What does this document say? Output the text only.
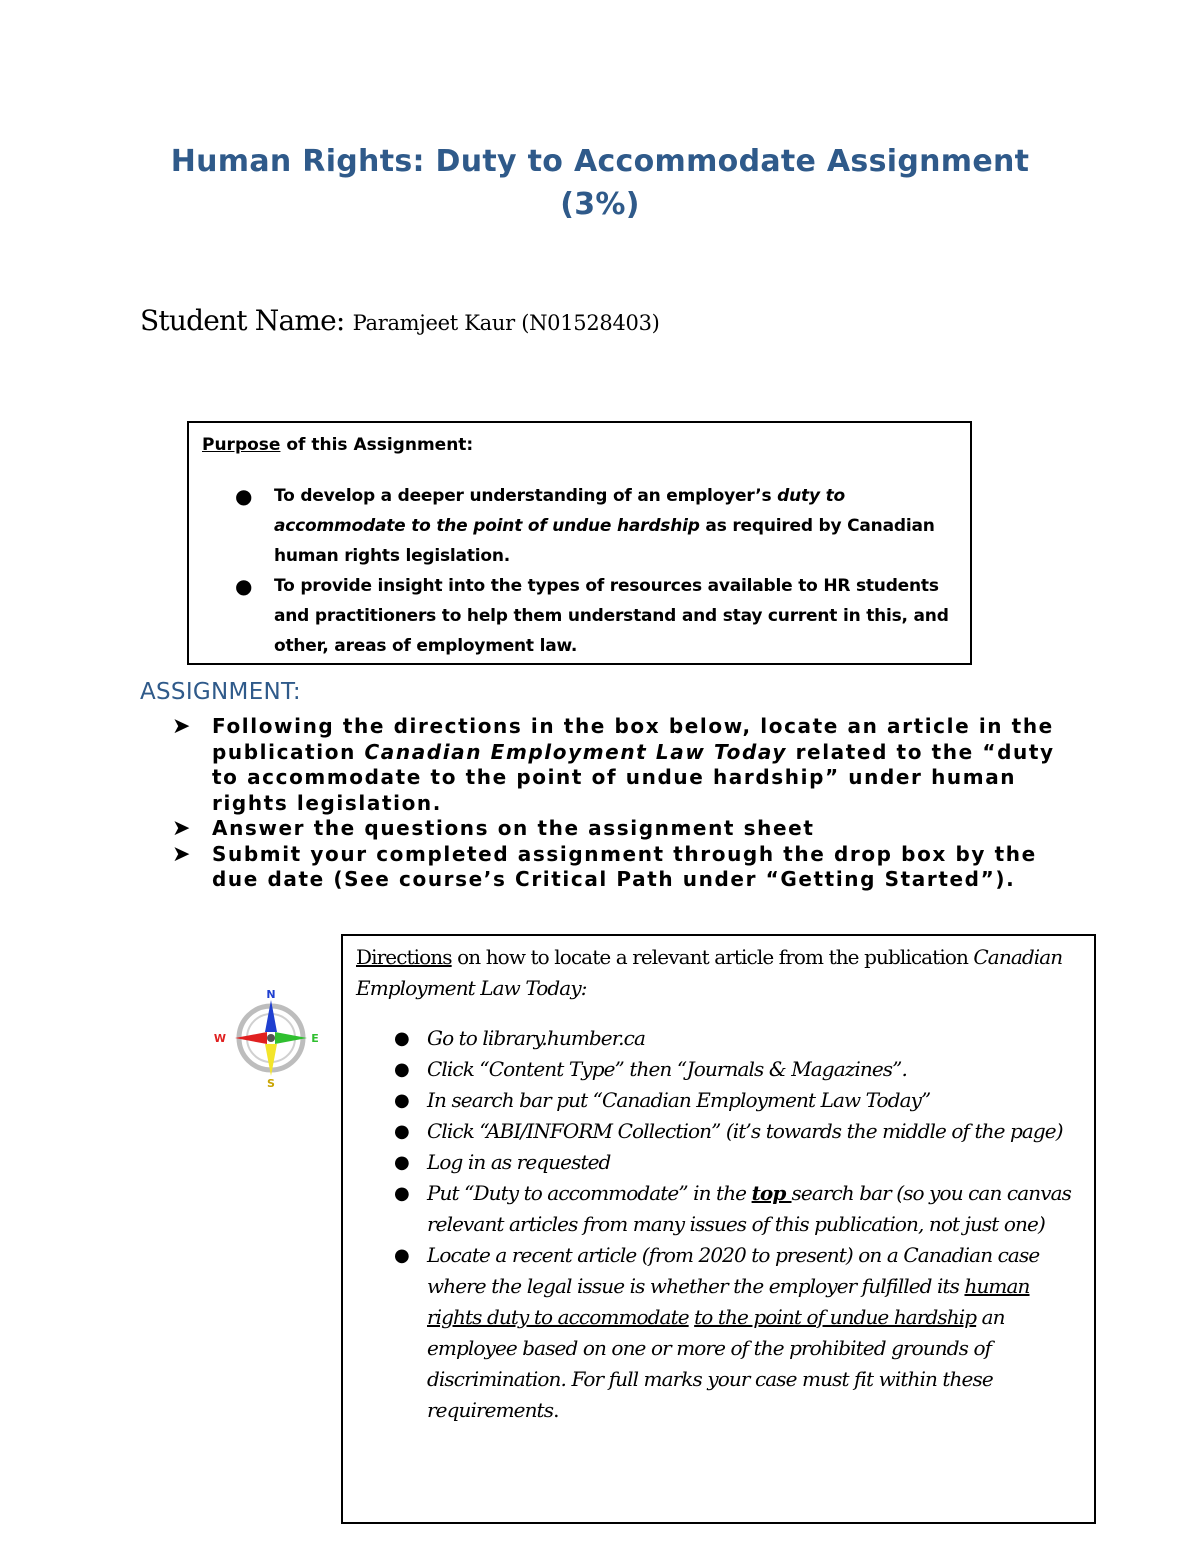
Human Rights: Duty to Accommodate Assignment
(3%)
Student Name: Paramjeet Kaur (N01528403)
Purpose of this Assignment:
● To develop a deeper understanding of an employer’s duty to accommodate to the point of undue hardship as required by Canadian human rights legislation.
● To provide insight into the types of resources available to HR students and practitioners to help them understand and stay current in this, and other, areas of employment law.
ASSIGNMENT:
➤ Following the directions in the box below, locate an article in the publication Canadian Employment Law Today related to the “duty to accommodate to the point of undue hardship” under human rights legislation.
➤ Answer the questions on the assignment sheet
➤ Submit your completed assignment through the drop box by the due date (See course’s Critical Path under “Getting Started”).
N
S
E
W
Directions on how to locate a relevant article from the publication Canadian Employment Law Today:
● Go to library.humber.ca
● Click “Content Type” then “Journals & Magazines”.
● In search bar put “Canadian Employment Law Today”
● Click “ABI/INFORM Collection” (it’s towards the middle of the page)
● Log in as requested
● Put “Duty to accommodate” in the top search bar (so you can canvas relevant articles from many issues of this publication, not just one)
● Locate a recent article (from 2020 to present) on a Canadian case where the legal issue is whether the employer fulfilled its human rights duty to accommodate to the point of undue hardship an employee based on one or more of the prohibited grounds of discrimination. For full marks your case must fit within these requirements.
